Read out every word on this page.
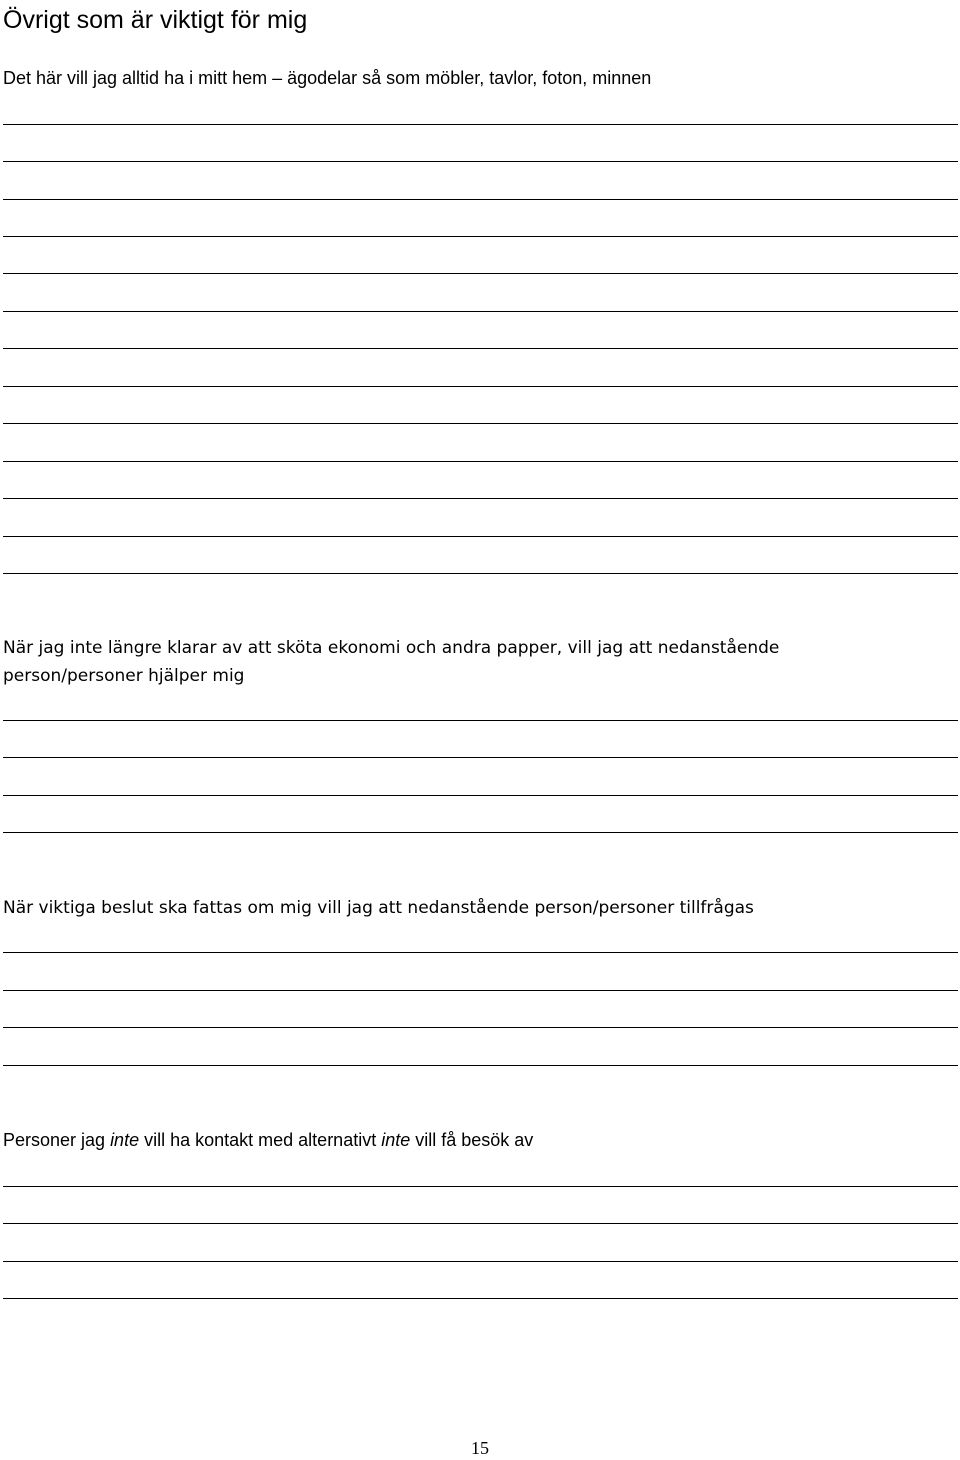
Övrigt som är viktigt för mig

Det här vill jag alltid ha i mitt hem – ägodelar så som möbler, tavlor, foton, minnen

När jag inte längre klarar av att sköta ekonomi och andra papper, vill jag att nedanstående
person/personer hjälper mig

När viktiga beslut ska fattas om mig vill jag att nedanstående person/personer tillfrågas

Personer jag inte vill ha kontakt med alternativt inte vill få besök av

15
